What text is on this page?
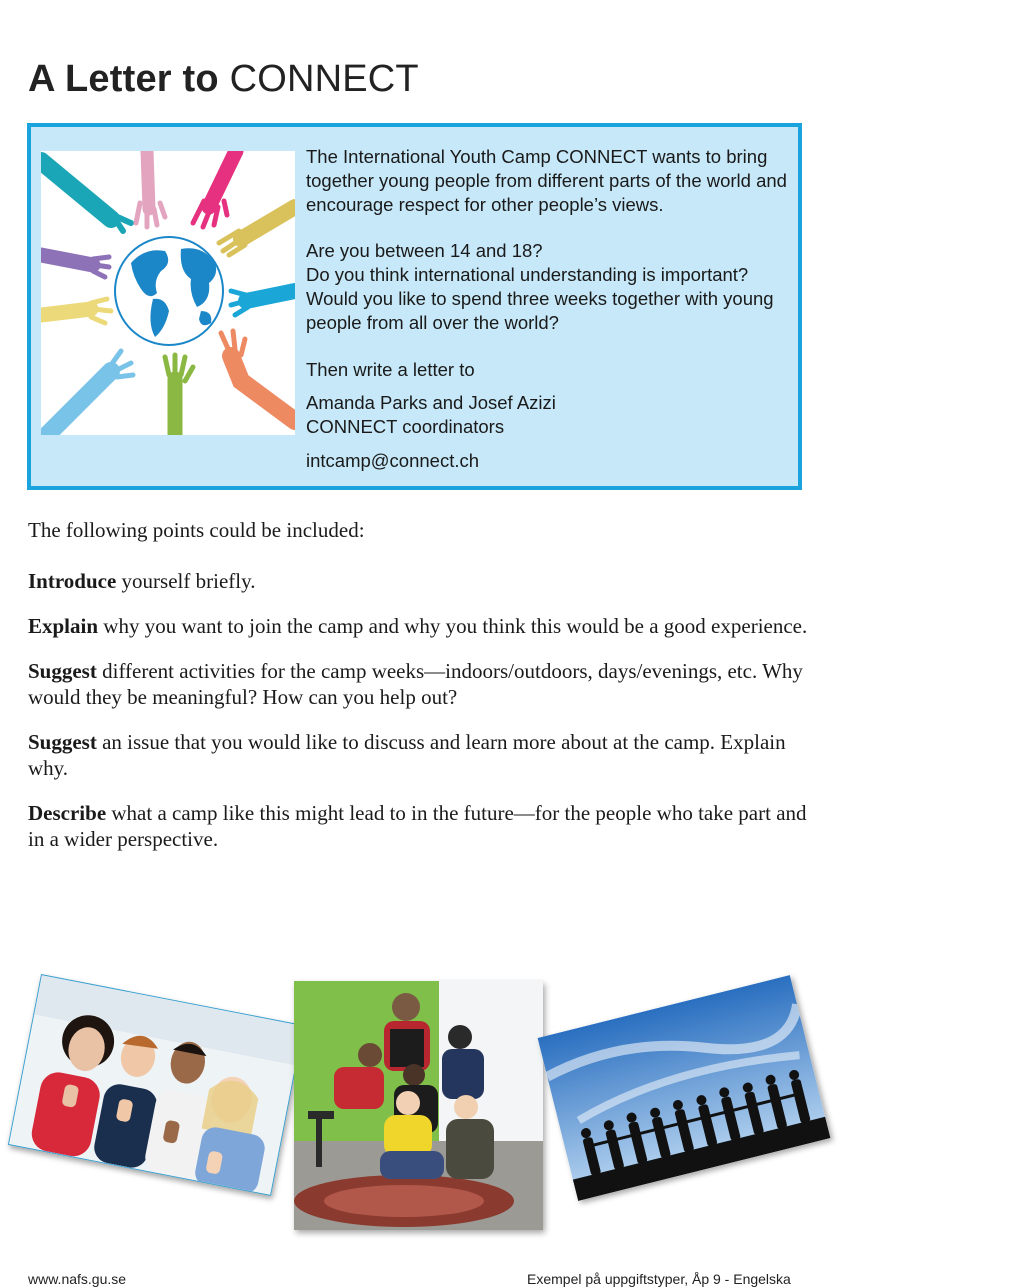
A Letter to CONNECT

The International Youth Camp CONNECT wants to bring together young people from different parts of the world and encourage respect for other people’s views.

Are you between 14 and 18?

Do you think international understanding is important?

Would you like to spend three weeks together with young people from all over the world?

Then write a letter to

Amanda Parks and Josef Azizi

CONNECT coordinators

intcamp@connect.ch

The following points could be included:

Introduce yourself briefly.

Explain why you want to join the camp and why you think this would be a good experience.

Suggest different activities for the camp weeks—indoors/outdoors, days/evenings, etc. Why would they be meaningful? How can you help out?

Suggest an issue that you would like to discuss and learn more about at the camp. Explain why.

Describe what a camp like this might lead to in the future—for the people who take part and in a wider perspective.

www.nafs.gu.se	Exempel på uppgiftstyper, Åp 9 - Engelska
